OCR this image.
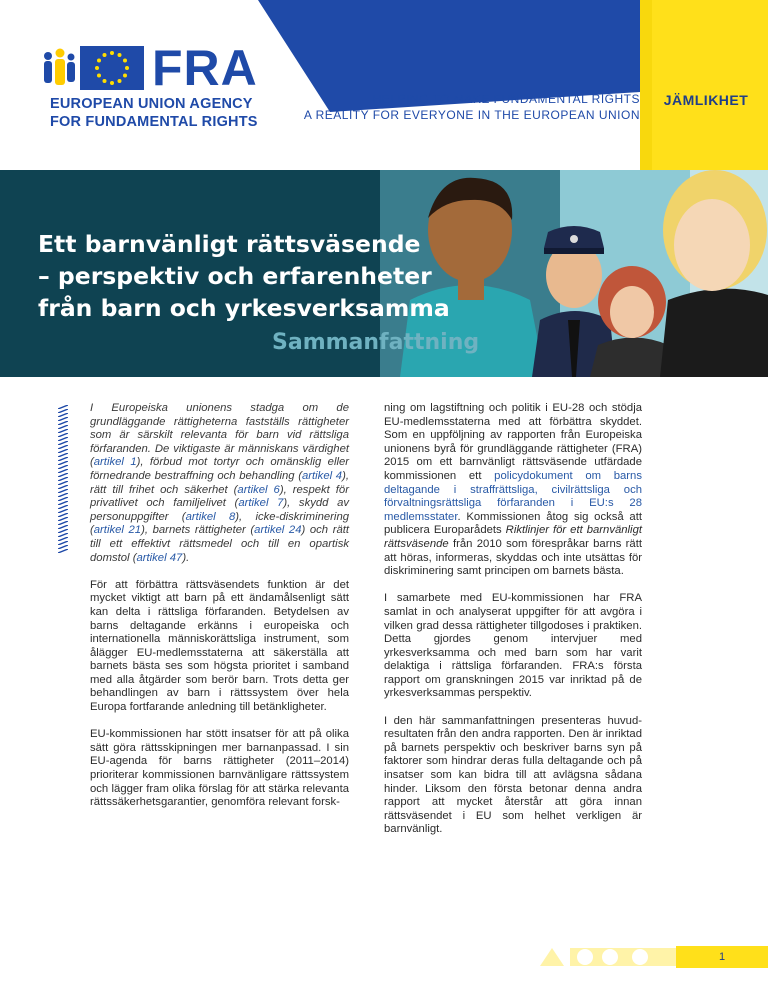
FRA
EUROPEAN UNION AGENCY
FOR FUNDAMENTAL RIGHTS
HELPING TO MAKE FUNDAMENTAL RIGHTS
A REALITY FOR EVERYONE IN THE EUROPEAN UNION
JÄMLIKHET
Ett barnvänligt rättsväsende
– perspektiv och erfarenheter
från barn och yrkesverksamma
Sammanfattning

I Europeiska unionens stadga om de grundläggande rättigheterna fastställs rättigheter som är särskilt relevanta för barn vid rättsliga förfaranden. De viktigaste är människans värdighet (artikel 1), förbud mot tortyr och omänsklig eller förnedrande bestraffning och behandling (artikel 4), rätt till frihet och säkerhet (artikel 6), respekt för privatlivet och familjelivet (artikel 7), skydd av personuppgifter (artikel 8), icke-diskriminering (artikel 21), barnets rättigheter (artikel 24) och rätt till ett effektivt rättsmedel och till en opartisk domstol (artikel 47).

För att förbättra rättsväsendets funktion är det mycket viktigt att barn på ett ändamålsenligt sätt kan delta i rättsliga förfaranden. Betydelsen av barns deltagande erkänns i europeiska och internationella människorättsliga instrument, som ålägger EU-medlemsstaterna att säkerställa att barnets bästa ses som högsta prioritet i samband med alla åtgärder som berör barn. Trots detta ger behandlingen av barn i rättssystem över hela Europa fortfarande anledning till betänkligheter.

EU-kommissionen har stött insatser för att på olika sätt göra rättsskipningen mer barnanpassad. I sin EU-agenda för barns rättigheter (2011–2014) prioriterar kommissionen barnvänligare rättssystem och lägger fram olika förslag för att stärka relevanta rättssäkerhetsgarantier, genomföra relevant forsk-

ning om lagstiftning och politik i EU-28 och stödja EU-medlemsstaterna med att förbättra skyddet. Som en uppföljning av rapporten från Europeiska unionens byrå för grundläggande rättigheter (FRA) 2015 om ett barnvänligt rättsväsende utfärdade kommissionen ett policydokument om barns deltagande i straffrättsliga, civilrättsliga och förvaltningsrättsliga förfaranden i EU:s 28 medlemsstater. Kommissionen åtog sig också att publicera Europarådets Riktlinjer för ett barnvänligt rättsväsende från 2010 som förespråkar barns rätt att höras, informeras, skyddas och inte utsättas för diskriminering samt principen om barnets bästa.

I samarbete med EU-kommissionen har FRA samlat in och analyserat uppgifter för att avgöra i vilken grad dessa rättigheter tillgodoses i praktiken. Detta gjordes genom intervjuer med yrkesverksamma och med barn som har varit delaktiga i rättsliga förfaranden. FRA:s första rapport om granskningen 2015 var inriktad på de yrkesverksammas perspektiv.

I den här sammanfattningen presenteras huvud-resultaten från den andra rapporten. Den är inriktad på barnets perspektiv och beskriver barns syn på faktorer som hindrar deras fulla deltagande och på insatser som kan bidra till att avlägsna sådana hinder. Liksom den första betonar denna andra rapport att mycket återstår att göra innan rättsväsendet i EU som helhet verkligen är barnvänligt.

1
